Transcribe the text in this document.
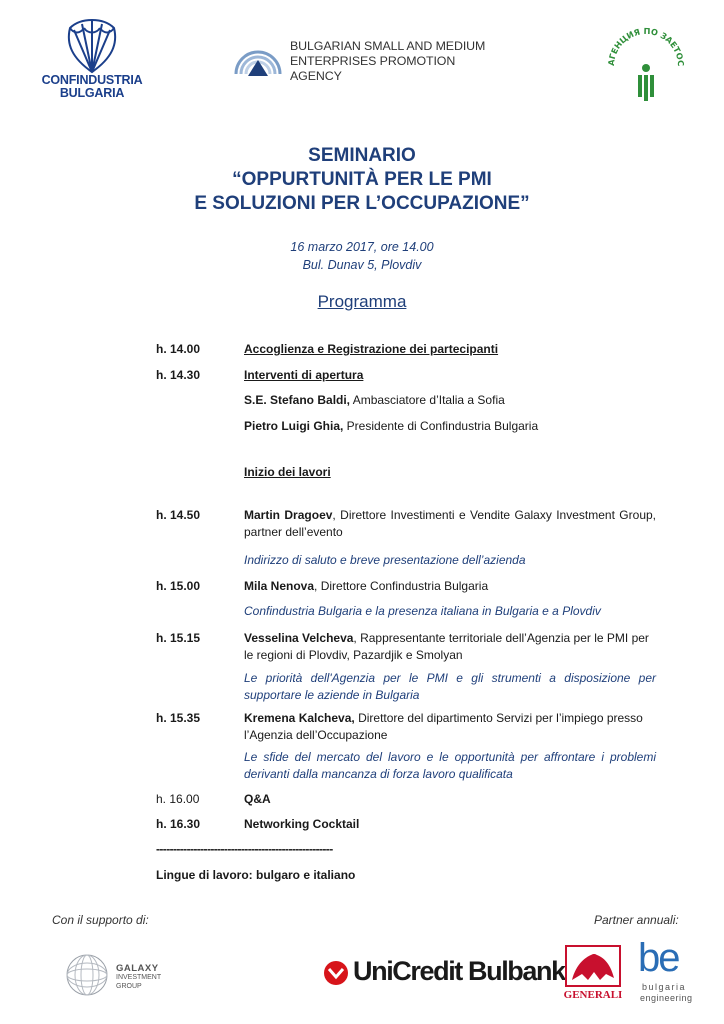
CONFINDUSTRIA
BULGARIA
BULGARIAN SMALL AND MEDIUM
ENTERPRISES PROMOTION AGENCY
АГЕНЦИЯ ПО ЗАЕТОС
SEMINARIO
“OPPURTUNITÀ PER LE PMI
E SOLUZIONI PER L’OCCUPAZIONE”
16 marzo 2017, ore 14.00
Bul. Dunav 5, Plovdiv
Programma
h. 14.00	Accoglienza e Registrazione dei partecipanti
h. 14.30	Interventi di apertura
S.E. Stefano Baldi, Ambasciatore d’Italia a Sofia
Pietro Luigi Ghia, Presidente di Confindustria Bulgaria
Inizio dei lavori
h. 14.50	Martin Dragoev, Direttore Investimenti e Vendite Galaxy Investment Group, partner dell’evento
Indirizzo di saluto e breve presentazione dell’azienda
h. 15.00	Mila Nenova, Direttore Confindustria Bulgaria
Confindustria Bulgaria e la presenza italiana in Bulgaria e a Plovdiv
h. 15.15	Vesselina Velcheva, Rappresentante territoriale dell’Agenzia per le PMI per le regioni di Plovdiv, Pazardjik e Smolyan
Le priorità dell'Agenzia per le PMI e gli strumenti a disposizione per supportare le aziende in Bulgaria
h. 15.35	Kremena Kalcheva, Direttore del dipartimento Servizi per l’impiego presso l’Agenzia dell’Occupazione
Le sfide del mercato del lavoro e le opportunità per affrontare i problemi derivanti dalla mancanza di forza lavoro qualificata
h. 16.00	Q&A
h. 16.30	Networking Cocktail
----------------------------------------------------
Lingue di lavoro: bulgaro e italiano
Con il supporto di:	Partner annuali:
GALAXY
INVESTMENT
GROUP
UniCredit Bulbank
GENERALI
be
bulgaria
engineering
